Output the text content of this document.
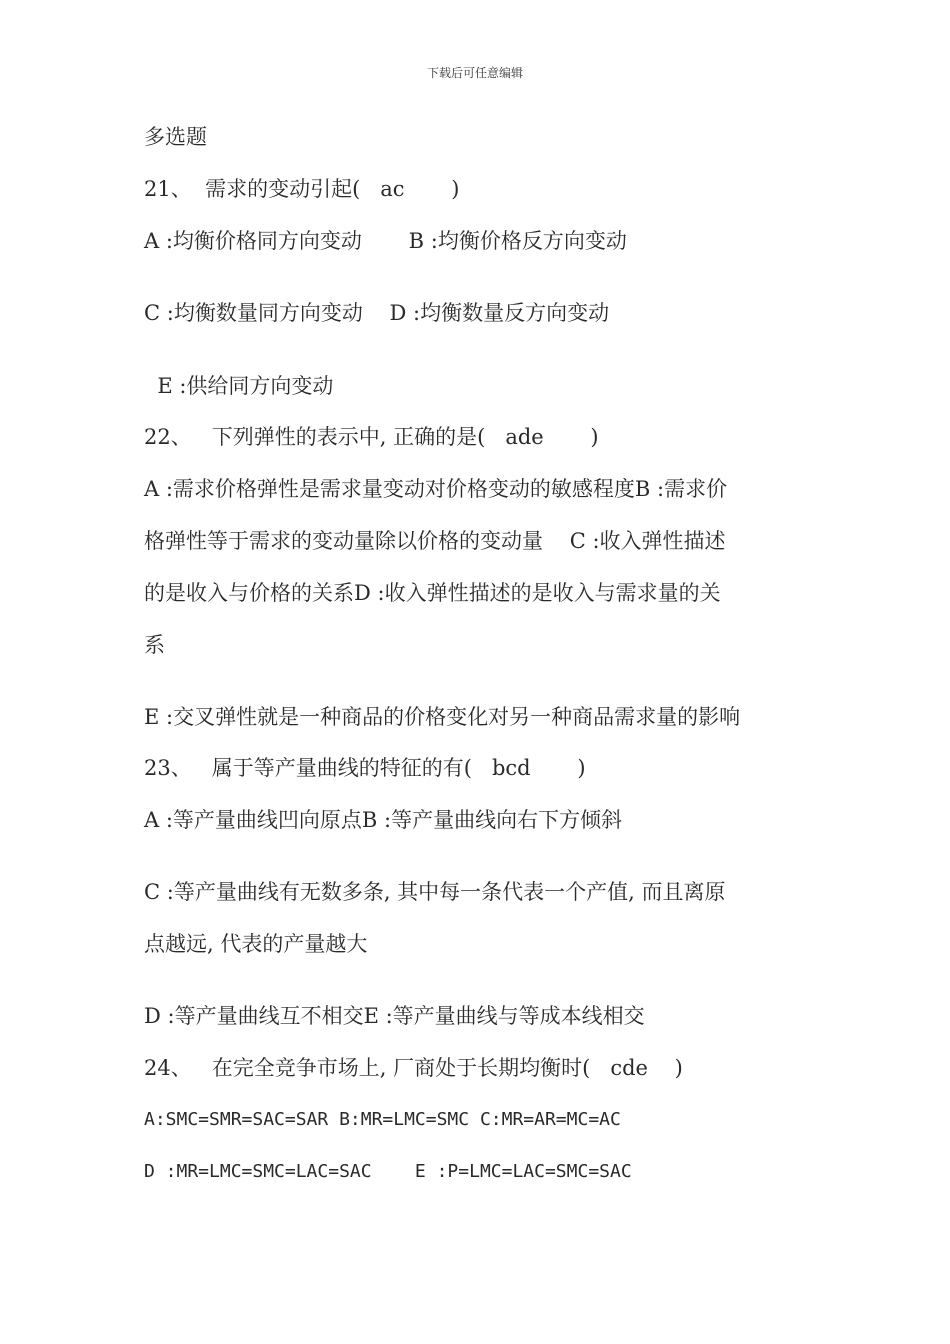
下载后可任意编辑
多选题
21、  需求的变动引起(   ac       )
A :均衡价格同方向变动       B :均衡价格反方向变动
C :均衡数量同方向变动    D :均衡数量反方向变动
E :供给同方向变动
22、   下列弹性的表示中, 正确的是(   ade       )
A :需求价格弹性是需求量变动对价格变动的敏感程度B :需求价
格弹性等于需求的变动量除以价格的变动量    C :收入弹性描述
的是收入与价格的关系D :收入弹性描述的是收入与需求量的关
系
E :交叉弹性就是一种商品的价格变化对另一种商品需求量的影响
23、   属于等产量曲线的特征的有(   bcd       )
A :等产量曲线凹向原点B :等产量曲线向右下方倾斜
C :等产量曲线有无数多条, 其中每一条代表一个产值, 而且离原
点越远, 代表的产量越大
D :等产量曲线互不相交E :等产量曲线与等成本线相交
24、   在完全竞争市场上, 厂商处于长期均衡时(   cde    )
A:SMC=SMR=SAC=SAR B:MR=LMC=SMC C:MR=AR=MC=AC
D :MR=LMC=SMC=LAC=SAC    E :P=LMC=LAC=SMC=SAC
